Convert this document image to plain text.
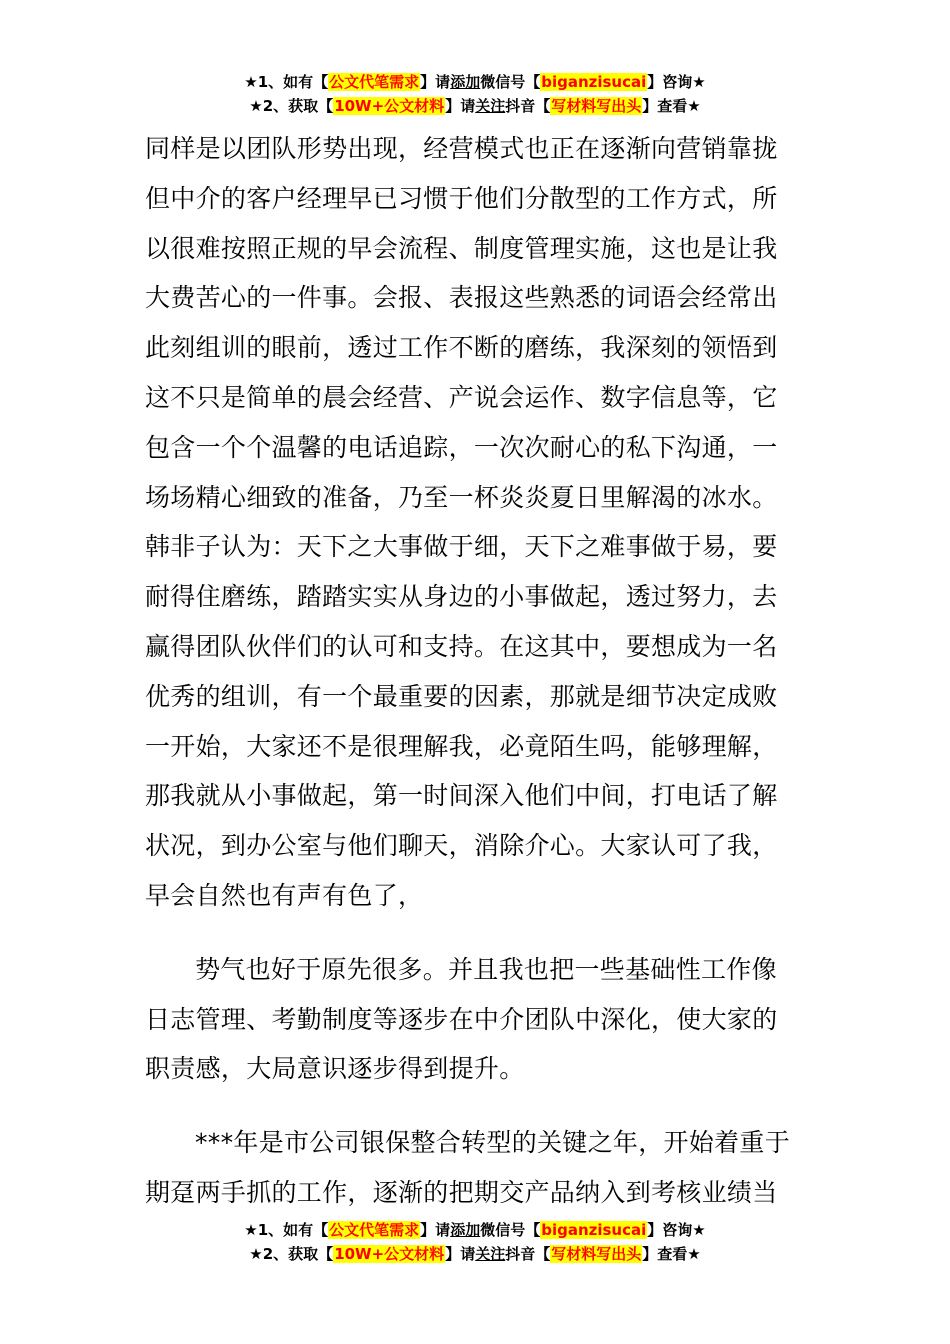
★1、如有【公文代笔需求】请添加微信号【biganzisucai】咨询★
★2、获取【10W+公文材料】请关注抖音【写材料写出头】查看★
同样是以团队形势出现，经营模式也正在逐渐向营销靠拢
但中介的客户经理早已习惯于他们分散型的工作方式，所
以很难按照正规的早会流程、制度管理实施，这也是让我
大费苦心的一件事。会报、表报这些熟悉的词语会经常出
此刻组训的眼前，透过工作不断的磨练，我深刻的领悟到
这不只是简单的晨会经营、产说会运作、数字信息等，它
包含一个个温馨的电话追踪，一次次耐心的私下沟通，一
场场精心细致的准备，乃至一杯炎炎夏日里解渴的冰水。
韩非子认为：天下之大事做于细，天下之难事做于易，要
耐得住磨练，踏踏实实从身边的小事做起，透过努力，去
赢得团队伙伴们的认可和支持。在这其中，要想成为一名
优秀的组训，有一个最重要的因素，那就是细节决定成败
一开始，大家还不是很理解我，必竟陌生吗，能够理解，
那我就从小事做起，第一时间深入他们中间，打电话了解
状况，到办公室与他们聊天，消除介心。大家认可了我，
早会自然也有声有色了，
势气也好于原先很多。并且我也把一些基础性工作像
日志管理、考勤制度等逐步在中介团队中深化，使大家的
职责感，大局意识逐步得到提升。
***年是市公司银保整合转型的关键之年，开始着重于
期趸两手抓的工作，逐渐的把期交产品纳入到考核业绩当
★1、如有【公文代笔需求】请添加微信号【biganzisucai】咨询★
★2、获取【10W+公文材料】请关注抖音【写材料写出头】查看★
